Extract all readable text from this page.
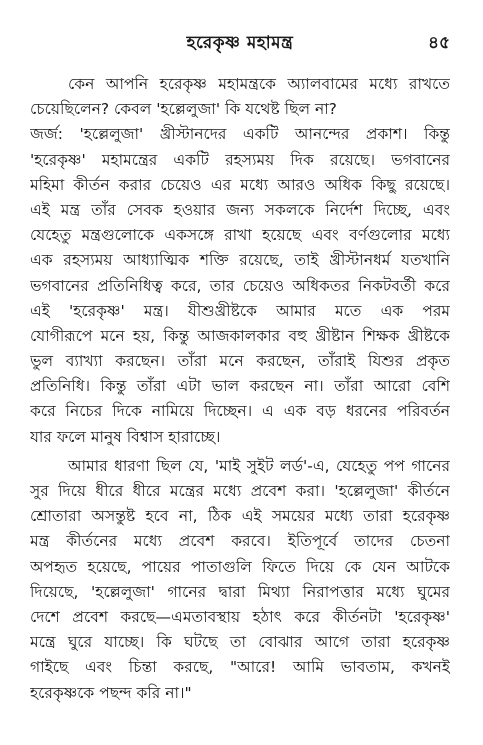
হরেকৃষ্ণ মহামন্ত্র	৪৫
কেন আপনি হরেকৃষ্ণ মহামন্ত্রকে অ্যালবামের মধ্যে রাখতে
চেয়েছিলেন? কেবল 'হল্লেলুজা' কি যথেষ্ট ছিল না?
জর্জ: 'হল্লেলুজা' খ্রীস্টানদের একটি আনন্দের প্রকাশ। কিন্তু
'হরেকৃষ্ণ' মহামন্ত্রের একটি রহস্যময় দিক রয়েছে। ভগবানের
মহিমা কীর্তন করার চেয়েও এর মধ্যে আরও অধিক কিছু রয়েছে।
এই মন্ত্র তাঁর সেবক হওয়ার জন্য সকলকে নির্দেশ দিচ্ছে, এবং
যেহেতু মন্ত্রগুলোকে একসঙ্গে রাখা হয়েছে এবং বর্ণগুলোর মধ্যে
এক রহস্যময় আধ্যাত্মিক শক্তি রয়েছে, তাই খ্রীস্টানধর্ম যতখানি
ভগবানের প্রতিনিধিত্ব করে, তার চেয়েও অধিকতর নিকটবর্তী করে
এই 'হরেকৃষ্ণ' মন্ত্র। যীশুখ্রীষ্টকে আমার মতে এক পরম
যোগীরূপে মনে হয়, কিন্তু আজকালকার বহু খ্রীষ্টান শিক্ষক খ্রীষ্টকে
ভুল ব্যাখ্যা করছেন। তাঁরা মনে করছেন, তাঁরাই যিশুর প্রকৃত
প্রতিনিধি। কিন্তু তাঁরা এটা ভাল করছেন না। তাঁরা আরো বেশি
করে নিচের দিকে নামিয়ে দিচ্ছেন। এ এক বড় ধরনের পরিবর্তন
যার ফলে মানুষ বিশ্বাস হারাচ্ছে।
আমার ধারণা ছিল যে, 'মাই সুইট লর্ড'-এ, যেহেতু পপ গানের
সুর দিয়ে ধীরে ধীরে মন্ত্রের মধ্যে প্রবেশ করা। 'হল্লেলুজা' কীর্তনে
শ্রোতারা অসন্তুষ্ট হবে না, ঠিক এই সময়ের মধ্যে তারা হরেকৃষ্ণ
মন্ত্র কীর্তনের মধ্যে প্রবেশ করবে। ইতিপূর্বে তাদের চেতনা
অপহৃত হয়েছে, পায়ের পাতাগুলি ফিতে দিয়ে কে যেন আটকে
দিয়েছে, 'হল্লেলুজা' গানের দ্বারা মিথ্যা নিরাপত্তার মধ্যে ঘুমের
দেশে প্রবেশ করছে—এমতাবস্থায় হঠাৎ করে কীর্তনটা 'হরেকৃষ্ণ'
মন্ত্রে ঘুরে যাচ্ছে। কি ঘটছে তা বোঝার আগে তারা হরেকৃষ্ণ
গাইছে এবং চিন্তা করছে, "আরে! আমি ভাবতাম, কখনই
হরেকৃষ্ণকে পছন্দ করি না।"
